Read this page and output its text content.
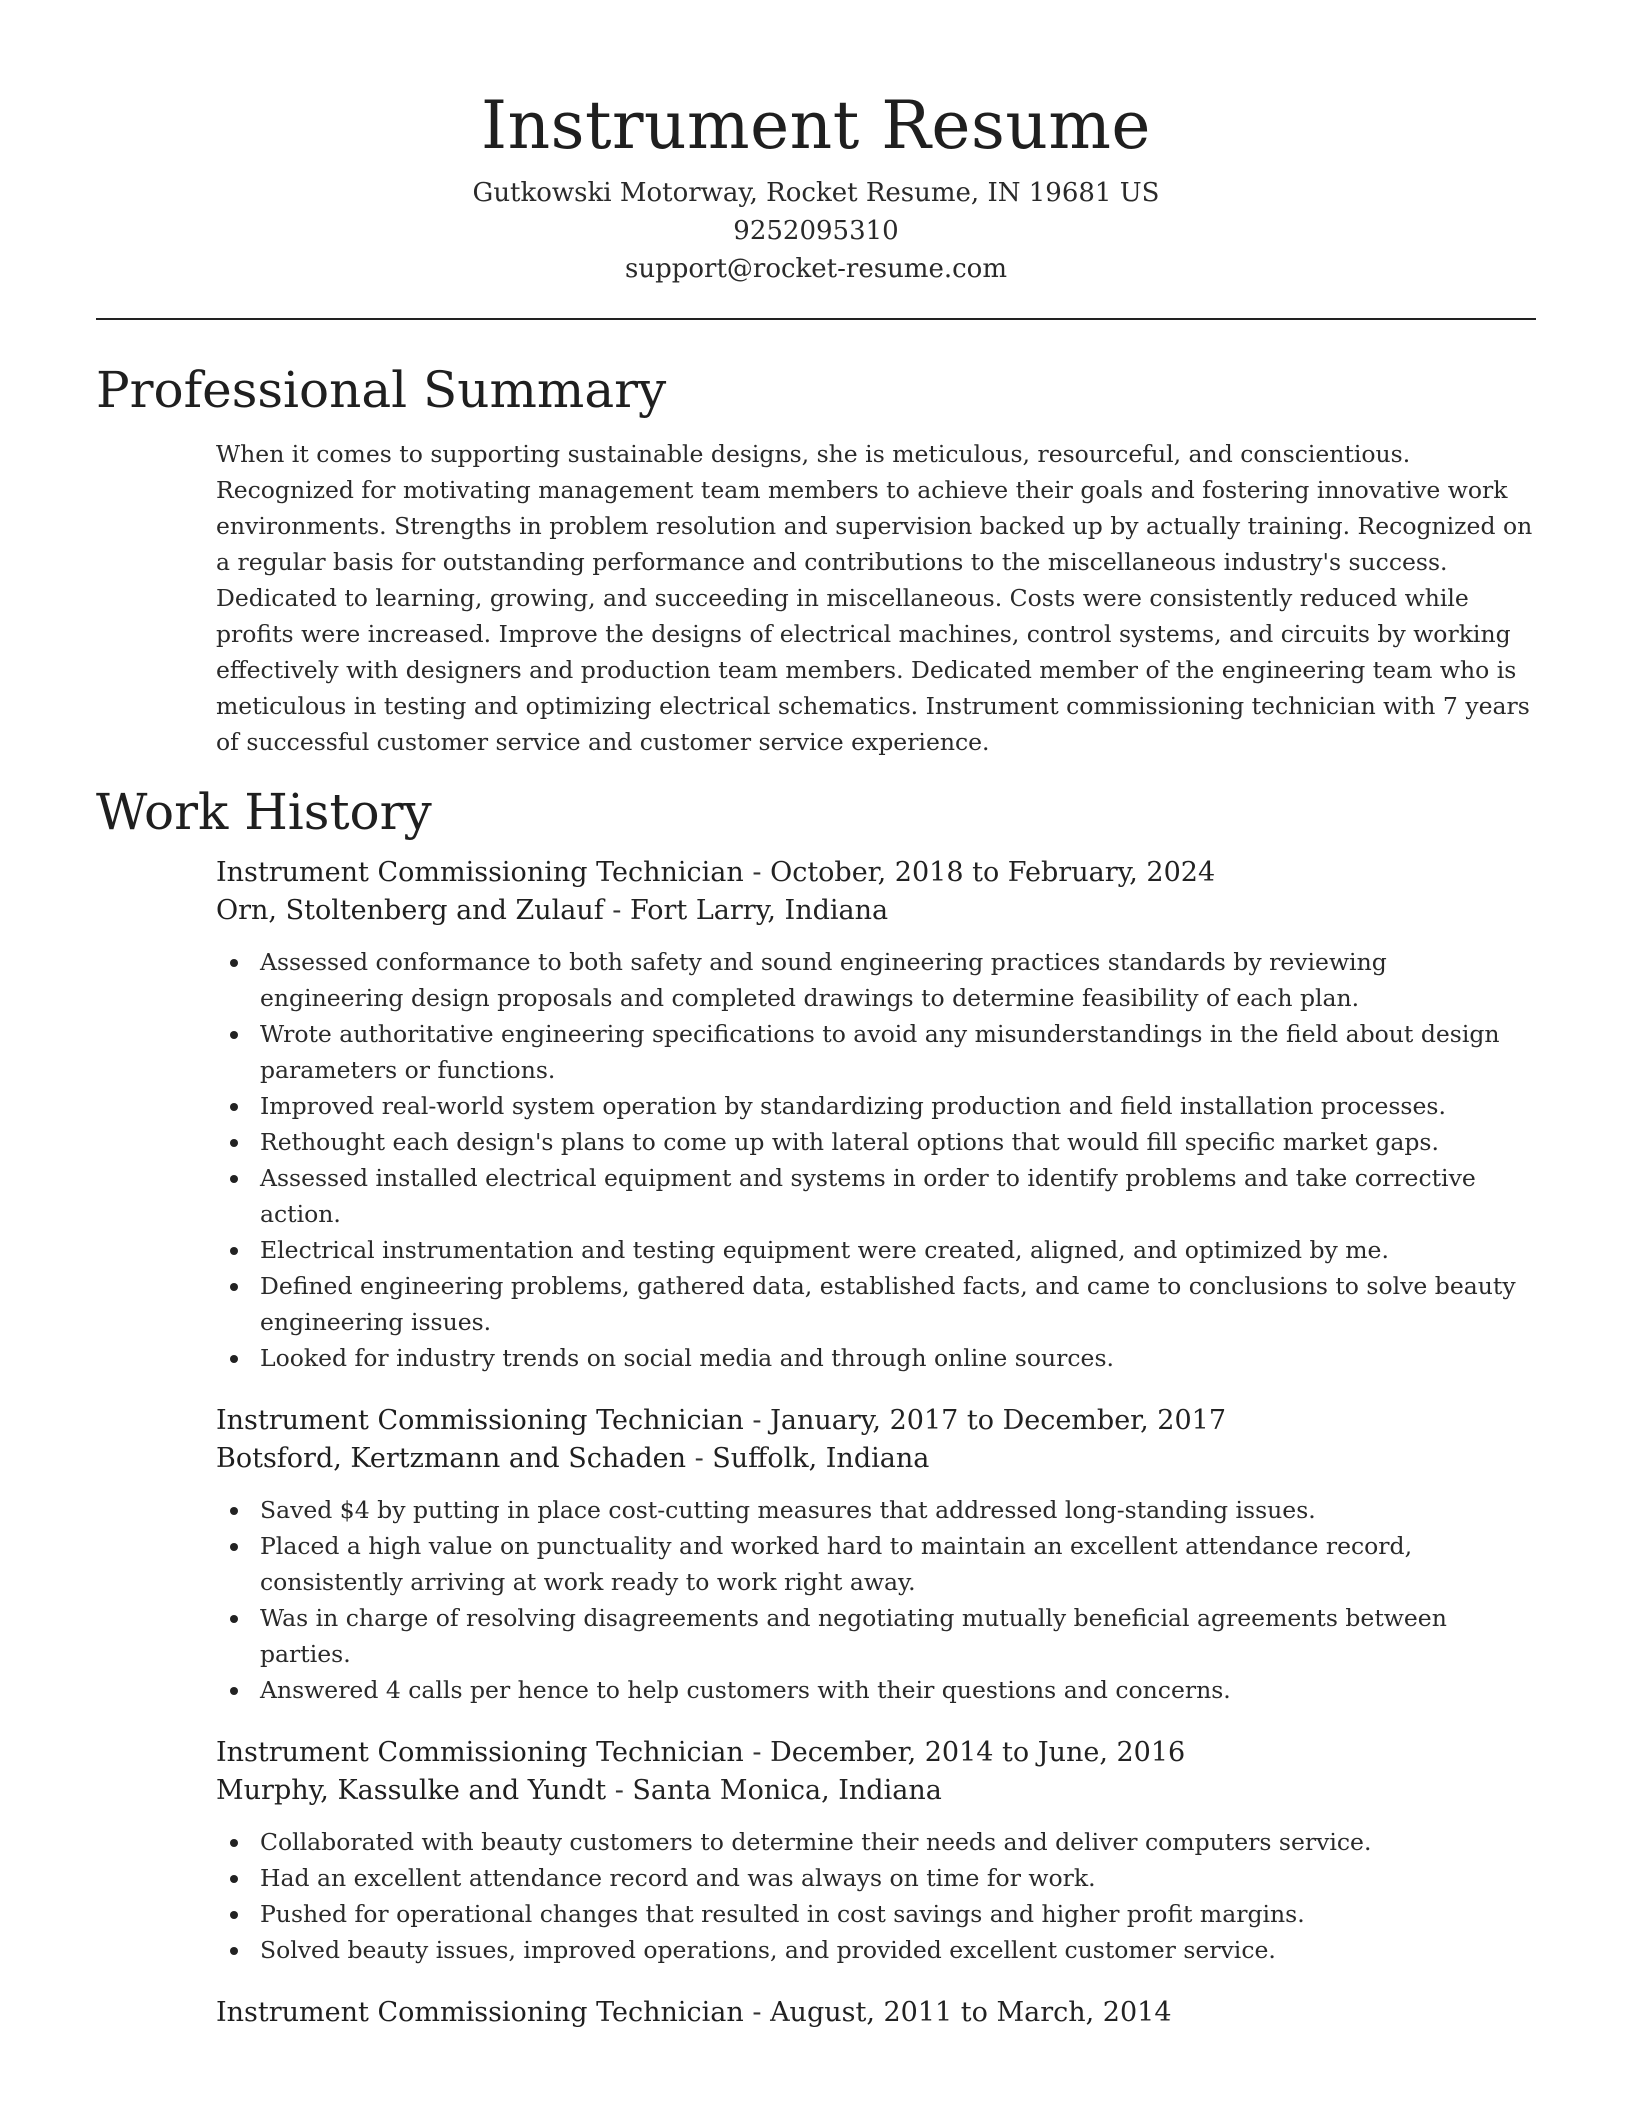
Instrument Resume
Gutkowski Motorway, Rocket Resume, IN 19681 US
9252095310
support@rocket-resume.com
Professional Summary

When it comes to supporting sustainable designs, she is meticulous, resourceful, and conscientious. Recognized for motivating management team members to achieve their goals and fostering innovative work environments. Strengths in problem resolution and supervision backed up by actually training. Recognized on a regular basis for outstanding performance and contributions to the miscellaneous industry's success. Dedicated to learning, growing, and succeeding in miscellaneous. Costs were consistently reduced while profits were increased. Improve the designs of electrical machines, control systems, and circuits by working effectively with designers and production team members. Dedicated member of the engineering team who is meticulous in testing and optimizing electrical schematics. Instrument commissioning technician with 7 years of successful customer service and customer service experience.

Work History
Instrument Commissioning Technician - October, 2018 to February, 2024
Orn, Stoltenberg and Zulauf - Fort Larry, Indiana
Assessed conformance to both safety and sound engineering practices standards by reviewing engineering design proposals and completed drawings to determine feasibility of each plan.
Wrote authoritative engineering specifications to avoid any misunderstandings in the field about design parameters or functions.
Improved real-world system operation by standardizing production and field installation processes.
Rethought each design's plans to come up with lateral options that would fill specific market gaps.
Assessed installed electrical equipment and systems in order to identify problems and take corrective action.
Electrical instrumentation and testing equipment were created, aligned, and optimized by me.
Defined engineering problems, gathered data, established facts, and came to conclusions to solve beauty engineering issues.
Looked for industry trends on social media and through online sources.
Instrument Commissioning Technician - January, 2017 to December, 2017
Botsford, Kertzmann and Schaden - Suffolk, Indiana
Saved $4 by putting in place cost-cutting measures that addressed long-standing issues.
Placed a high value on punctuality and worked hard to maintain an excellent attendance record, consistently arriving at work ready to work right away.
Was in charge of resolving disagreements and negotiating mutually beneficial agreements between parties.
Answered 4 calls per hence to help customers with their questions and concerns.
Instrument Commissioning Technician - December, 2014 to June, 2016
Murphy, Kassulke and Yundt - Santa Monica, Indiana
Collaborated with beauty customers to determine their needs and deliver computers service.
Had an excellent attendance record and was always on time for work.
Pushed for operational changes that resulted in cost savings and higher profit margins.
Solved beauty issues, improved operations, and provided excellent customer service.
Instrument Commissioning Technician - August, 2011 to March, 2014
